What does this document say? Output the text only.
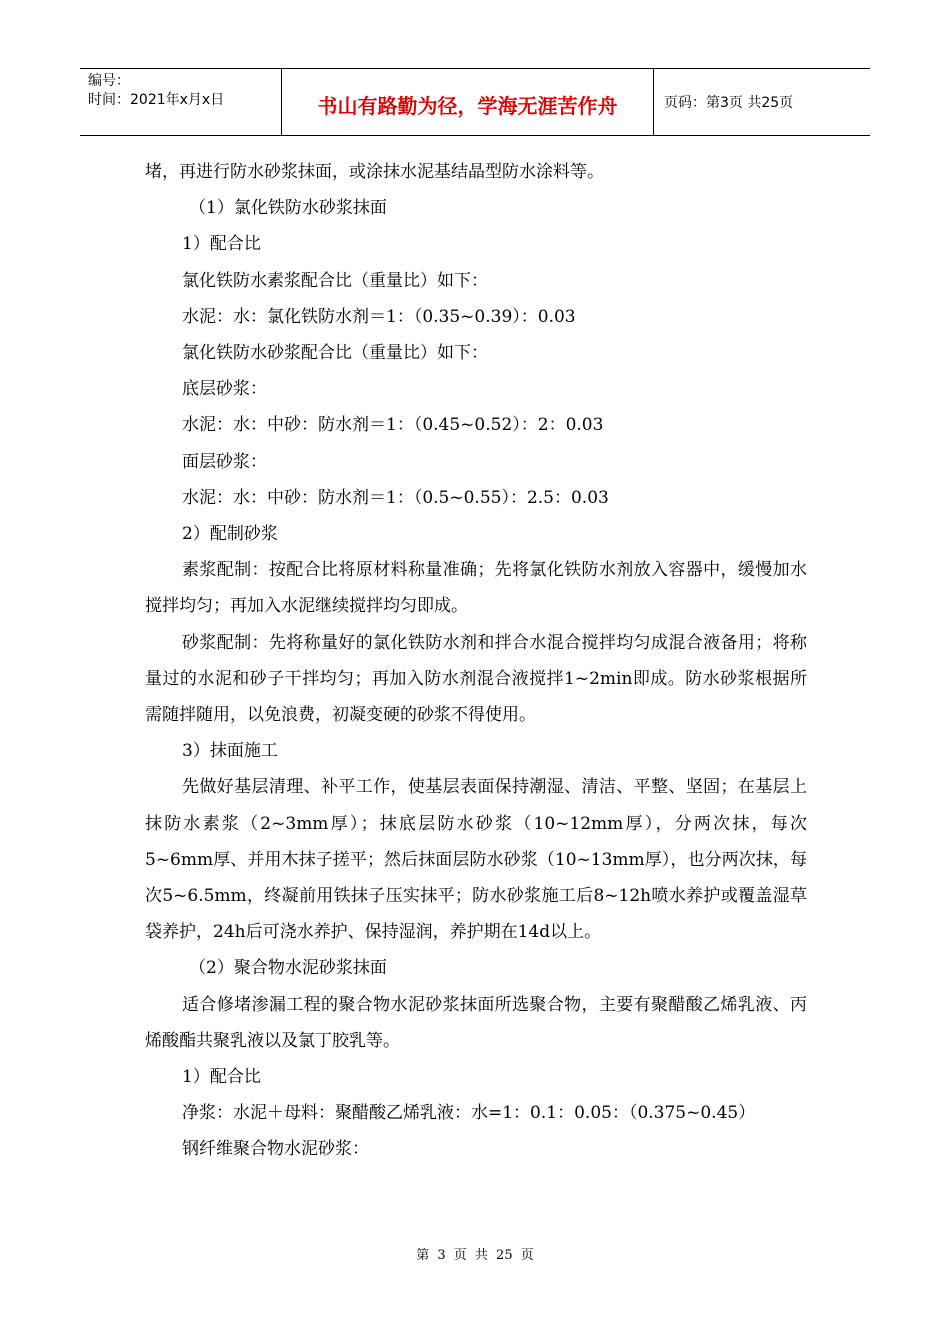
编号：
时间：2021年x月x日	书山有路勤为径，学海无涯苦作舟	页码：第3页 共25页

堵，再进行防水砂浆抹面，或涂抹水泥基结晶型防水涂料等。

（1）氯化铁防水砂浆抹面

1）配合比

氯化铁防水素浆配合比（重量比）如下：

水泥：水：氯化铁防水剂＝1：（0.35~0.39）：0.03

氯化铁防水砂浆配合比（重量比）如下：

底层砂浆：

水泥：水：中砂：防水剂＝1：（0.45~0.52）：2：0.03

面层砂浆：

水泥：水：中砂：防水剂＝1：（0.5~0.55）：2.5：0.03

2）配制砂浆

素浆配制：按配合比将原材料称量准确；先将氯化铁防水剂放入容器中，缓慢加水搅拌均匀；再加入水泥继续搅拌均匀即成。

砂浆配制：先将称量好的氯化铁防水剂和拌合水混合搅拌均匀成混合液备用；将称量过的水泥和砂子干拌均匀；再加入防水剂混合液搅拌1~2min即成。防水砂浆根据所需随拌随用，以免浪费，初凝变硬的砂浆不得使用。

3）抹面施工

先做好基层清理、补平工作，使基层表面保持潮湿、清洁、平整、坚固；在基层上抹防水素浆（2~3mm厚）；抹底层防水砂浆（10~12mm厚），分两次抹，每次5~6mm厚、并用木抹子搓平；然后抹面层防水砂浆（10~13mm厚），也分两次抹，每次5~6.5mm，终凝前用铁抹子压实抹平；防水砂浆施工后8~12h喷水养护或覆盖湿草袋养护，24h后可浇水养护、保持湿润，养护期在14d以上。

（2）聚合物水泥砂浆抹面

适合修堵渗漏工程的聚合物水泥砂浆抹面所选聚合物，主要有聚醋酸乙烯乳液、丙烯酸酯共聚乳液以及氯丁胶乳等。

1）配合比

净浆：水泥＋母料：聚醋酸乙烯乳液：水=1：0.1：0.05：（0.375~0.45）

钢纤维聚合物水泥砂浆：

第 3 页 共 25 页
